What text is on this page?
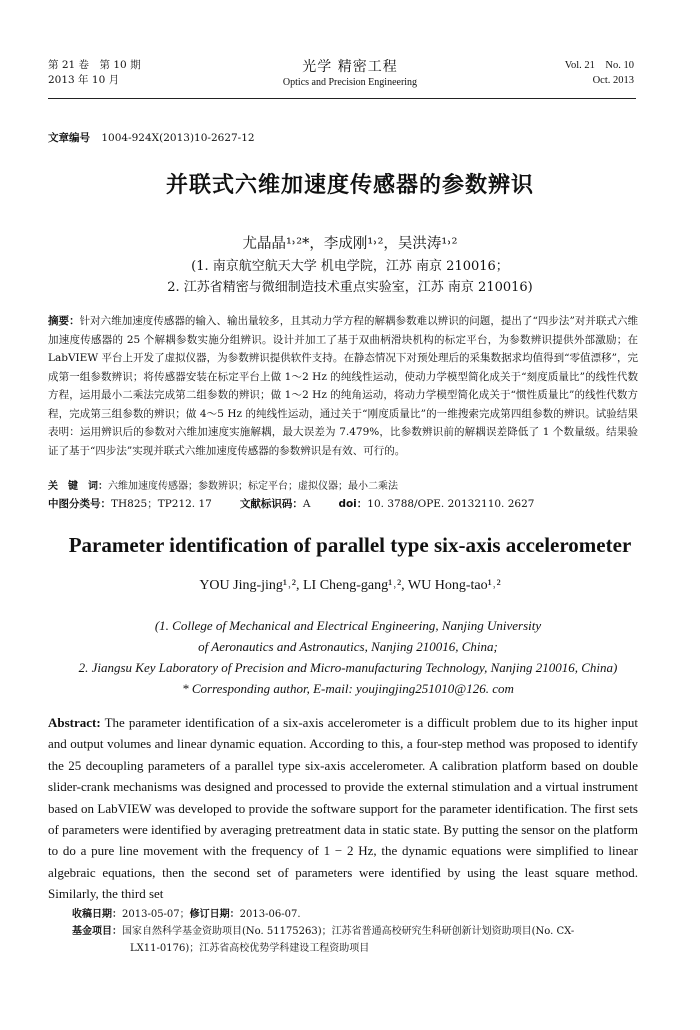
第 21 卷　第 10 期
2013 年 10 月
光学 精密工程
Optics and Precision Engineering
Vol. 21　No. 10
Oct. 2013
文章编号 1004-924X(2013)10-2627-12
并联式六维加速度传感器的参数辨识
尤晶晶¹˒²*，李成刚¹˒²，吴洪涛¹˒²
(1. 南京航空航天大学 机电学院，江苏 南京 210016；
2. 江苏省精密与微细制造技术重点实验室，江苏 南京 210016)
摘要：针对六维加速度传感器的输入、输出量较多，且其动力学方程的解耦参数难以辨识的问题，提出了“四步法”对并联式六维加速度传感器的 25 个解耦参数实施分组辨识。设计并加工了基于双曲柄滑块机构的标定平台，为参数辨识提供外部激励；在 LabVIEW 平台上开发了虚拟仪器，为参数辨识提供软件支持。在静态情况下对预处理后的采集数据求均值得到“零值漂移”，完成第一组参数辨识；将传感器安装在标定平台上做 1～2 Hz 的纯线性运动，使动力学模型简化成关于“刻度质量比”的线性代数方程，运用最小二乘法完成第二组参数的辨识；做 1～2 Hz 的纯角运动，将动力学模型简化成关于“惯性质量比”的线性代数方程，完成第三组参数的辨识；做 4～5 Hz 的纯线性运动，通过关于“刚度质量比”的一维搜索完成第四组参数的辨识。试验结果表明：运用辨识后的参数对六维加速度实施解耦，最大误差为 7.479%，比参数辨识前的解耦误差降低了 1 个数量级。结果验证了基于“四步法”实现并联式六维加速度传感器的参数辨识是有效、可行的。
关　键　词：六维加速度传感器；参数辨识；标定平台；虚拟仪器；最小二乘法
中图分类号：TH825；TP212. 17	文献标识码：A	doi：10. 3788/OPE. 20132110. 2627
Parameter identification of parallel type six-axis accelerometer
YOU Jing-jing¹˒², LI Cheng-gang¹˒², WU Hong-tao¹˒²
(1. College of Mechanical and Electrical Engineering, Nanjing University
of Aeronautics and Astronautics, Nanjing 210016, China;
2. Jiangsu Key Laboratory of Precision and Micro-manufacturing Technology, Nanjing 210016, China)
* Corresponding author, E-mail: youjingjing251010@126. com
Abstract: The parameter identification of a six-axis accelerometer is a difficult problem due to its higher input and output volumes and linear dynamic equation. According to this, a four-step method was proposed to identify the 25 decoupling parameters of a parallel type six-axis accelerometer. A calibration platform based on double slider-crank mechanisms was designed and processed to provide the external stimulation and a virtual instrument based on LabVIEW was developed to provide the software support for the parameter identification. The first sets of parameters were identified by averaging pretreatment data in static state. By putting the sensor on the platform to do a pure line movement with the frequency of 1 − 2 Hz, the dynamic equations were simplified to linear algebraic equations, then the second set of parameters were identified by using the least square method. Similarly, the third set
收稿日期：2013-05-07；修订日期：2013-06-07.
基金项目：国家自然科学基金资助项目(No. 51175263)；江苏省普通高校研究生科研创新计划资助项目(No. CX-
LX11-0176)；江苏省高校优势学科建设工程资助项目
